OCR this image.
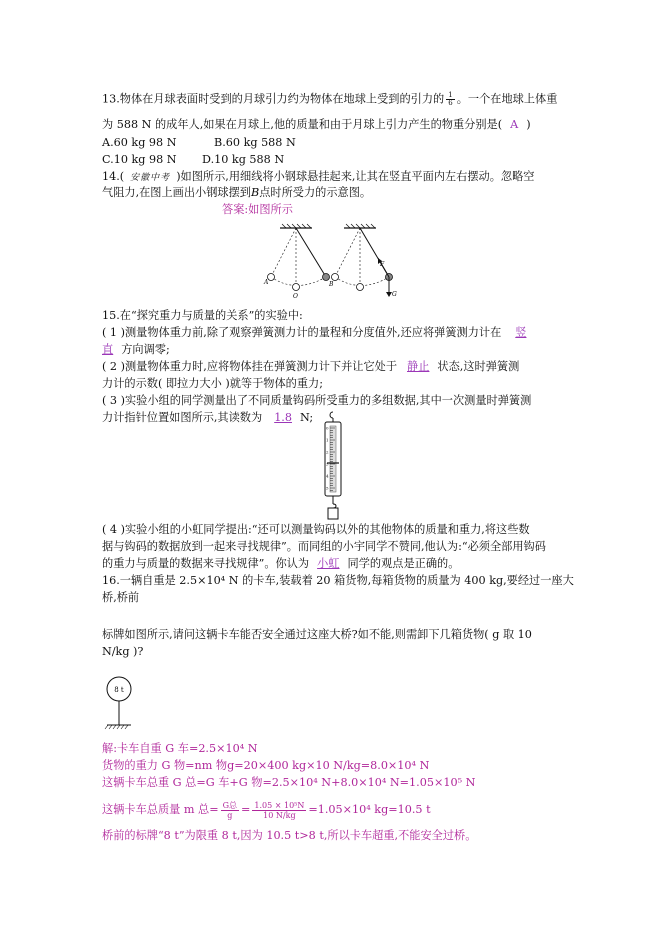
13.物体在月球表面时受到的月球引力约为物体在地球上受到的引力的 $\frac{1}{6}$ 。一个在地球上体重
为 588 N 的成年人,如果在月球上,他的质量和由于月球上引力产生的物重分别是( A )
A.60 kg 98 N	B.60 kg 588 N
C.10 kg 98 N D.10 kg 588 N
14.( 安徽中考 )如图所示,用细线将小钢球悬挂起来,让其在竖直平面内左右摆动。忽略空
气阻力,在图上画出小钢球摆到B点时所受力的示意图。
答案:如图所示
A
O
B
F
G
15.在“探究重力与质量的关系”的实验中:
( 1 )测量物体重力前,除了观察弹簧测力计的量程和分度值外,还应将弹簧测力计在 竖
直 方向调零;
( 2 )测量物体重力时,应将物体挂在弹簧测力计下并让它处于 静止 状态,这时弹簧测
力计的示数( 即拉力大小 )就等于物体的重力;
( 3 )实验小组的同学测量出了不同质量钩码所受重力的多组数据,其中一次测量时弹簧测
力计指针位置如图所示,其读数为 1.8 N;
0
1
2
3
4
5
( 4 )实验小组的小虹同学提出:“还可以测量钩码以外的其他物体的质量和重力,将这些数
据与钩码的数据放到一起来寻找规律”。而同组的小宇同学不赞同,他认为:“必须全部用钩码
的重力与质量的数据来寻找规律”。你认为 小虹 同学的观点是正确的。
16.一辆自重是 2.5×10⁴ N 的卡车,装载着 20 箱货物,每箱货物的质量为 400 kg,要经过一座大
桥,桥前
标牌如图所示,请问这辆卡车能否安全通过这座大桥?如不能,则需卸下几箱货物( g 取 10
N/kg )?
8 t
解:卡车自重 G 车=2.5×10⁴ N
货物的重力 G 物=nm 物g=20×400 kg×10 N/kg=8.0×10⁴ N
这辆卡车总重 G 总=G 车+G 物=2.5×10⁴ N+8.0×10⁴ N=1.05×10⁵ N
这辆卡车总质量 m 总= $\frac{\text{G总}}{g} = \frac{\text{1.05 × 10⁵N}}{10 N/kg} =1.05\times 10^4$ kg=10.5 t
桥前的标牌“8 t”为限重 8 t,因为 10.5 t>8 t,所以卡车超重,不能安全过桥。
